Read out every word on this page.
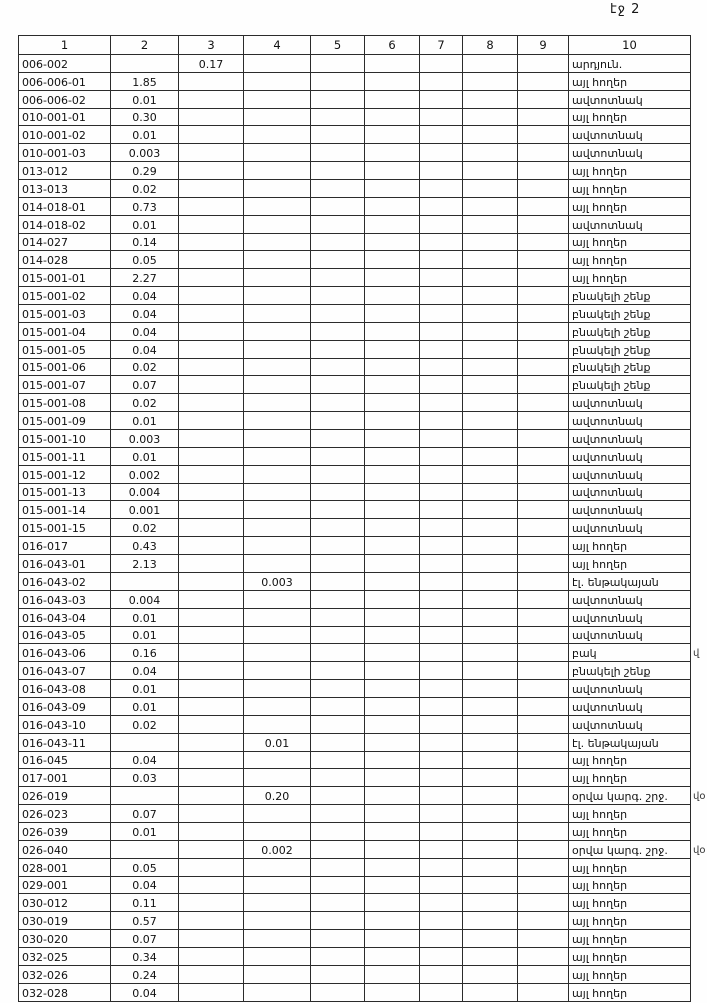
էջ 2
1	2	3	4	5	6	7	8	9	10
006-002		0.17							արդյուն.
006-006-01	1.85								այլ հողեր
006-006-02	0.01								ավտոտնակ
010-001-01	0.30								այլ հողեր
010-001-02	0.01								ավտոտնակ
010-001-03	0.003								ավտոտնակ
013-012	0.29								այլ հողեր
013-013	0.02								այլ հողեր
014-018-01	0.73								այլ հողեր
014-018-02	0.01								ավտոտնակ
014-027	0.14								այլ հողեր
014-028	0.05								այլ հողեր
015-001-01	2.27								այլ հողեր
015-001-02	0.04								բնակելի շենք
015-001-03	0.04								բնակելի շենք
015-001-04	0.04								բնակելի շենք
015-001-05	0.04								բնակելի շենք
015-001-06	0.02								բնակելի շենք
015-001-07	0.07								բնակելի շենք
015-001-08	0.02								ավտոտնակ
015-001-09	0.01								ավտոտնակ
015-001-10	0.003								ավտոտնակ
015-001-11	0.01								ավտոտնակ
015-001-12	0.002								ավտոտնակ
015-001-13	0.004								ավտոտնակ
015-001-14	0.001								ավտոտնակ
015-001-15	0.02								ավտոտնակ
016-017	0.43								այլ հողեր
016-043-01	2.13								այլ հողեր
016-043-02			0.003						էլ. ենթակայան
016-043-03	0.004								ավտոտնակ
016-043-04	0.01								ավտոտնակ
016-043-05	0.01								ավտոտնակ
016-043-06	0.16								բակ
016-043-07	0.04								բնակելի շենք
016-043-08	0.01								ավտոտնակ
016-043-09	0.01								ավտոտնակ
016-043-10	0.02								ավտոտնակ
016-043-11			0.01						էլ. ենթակայան
016-045	0.04								այլ հողեր
017-001	0.03								այլ հողեր
026-019			0.20						օրվա կարգ. շրջ.
026-023	0.07								այլ հողեր
026-039	0.01								այլ հողեր
026-040			0.002						օրվա կարգ. շրջ.
028-001	0.05								այլ հողեր
029-001	0.04								այլ հողեր
030-012	0.11								այլ հողեր
030-019	0.57								այլ հողեր
030-020	0.07								այլ հողեր
032-025	0.34								այլ հողեր
032-026	0.24								այլ հողեր
032-028	0.04								այլ հողեր
վ
վօ
վօ
